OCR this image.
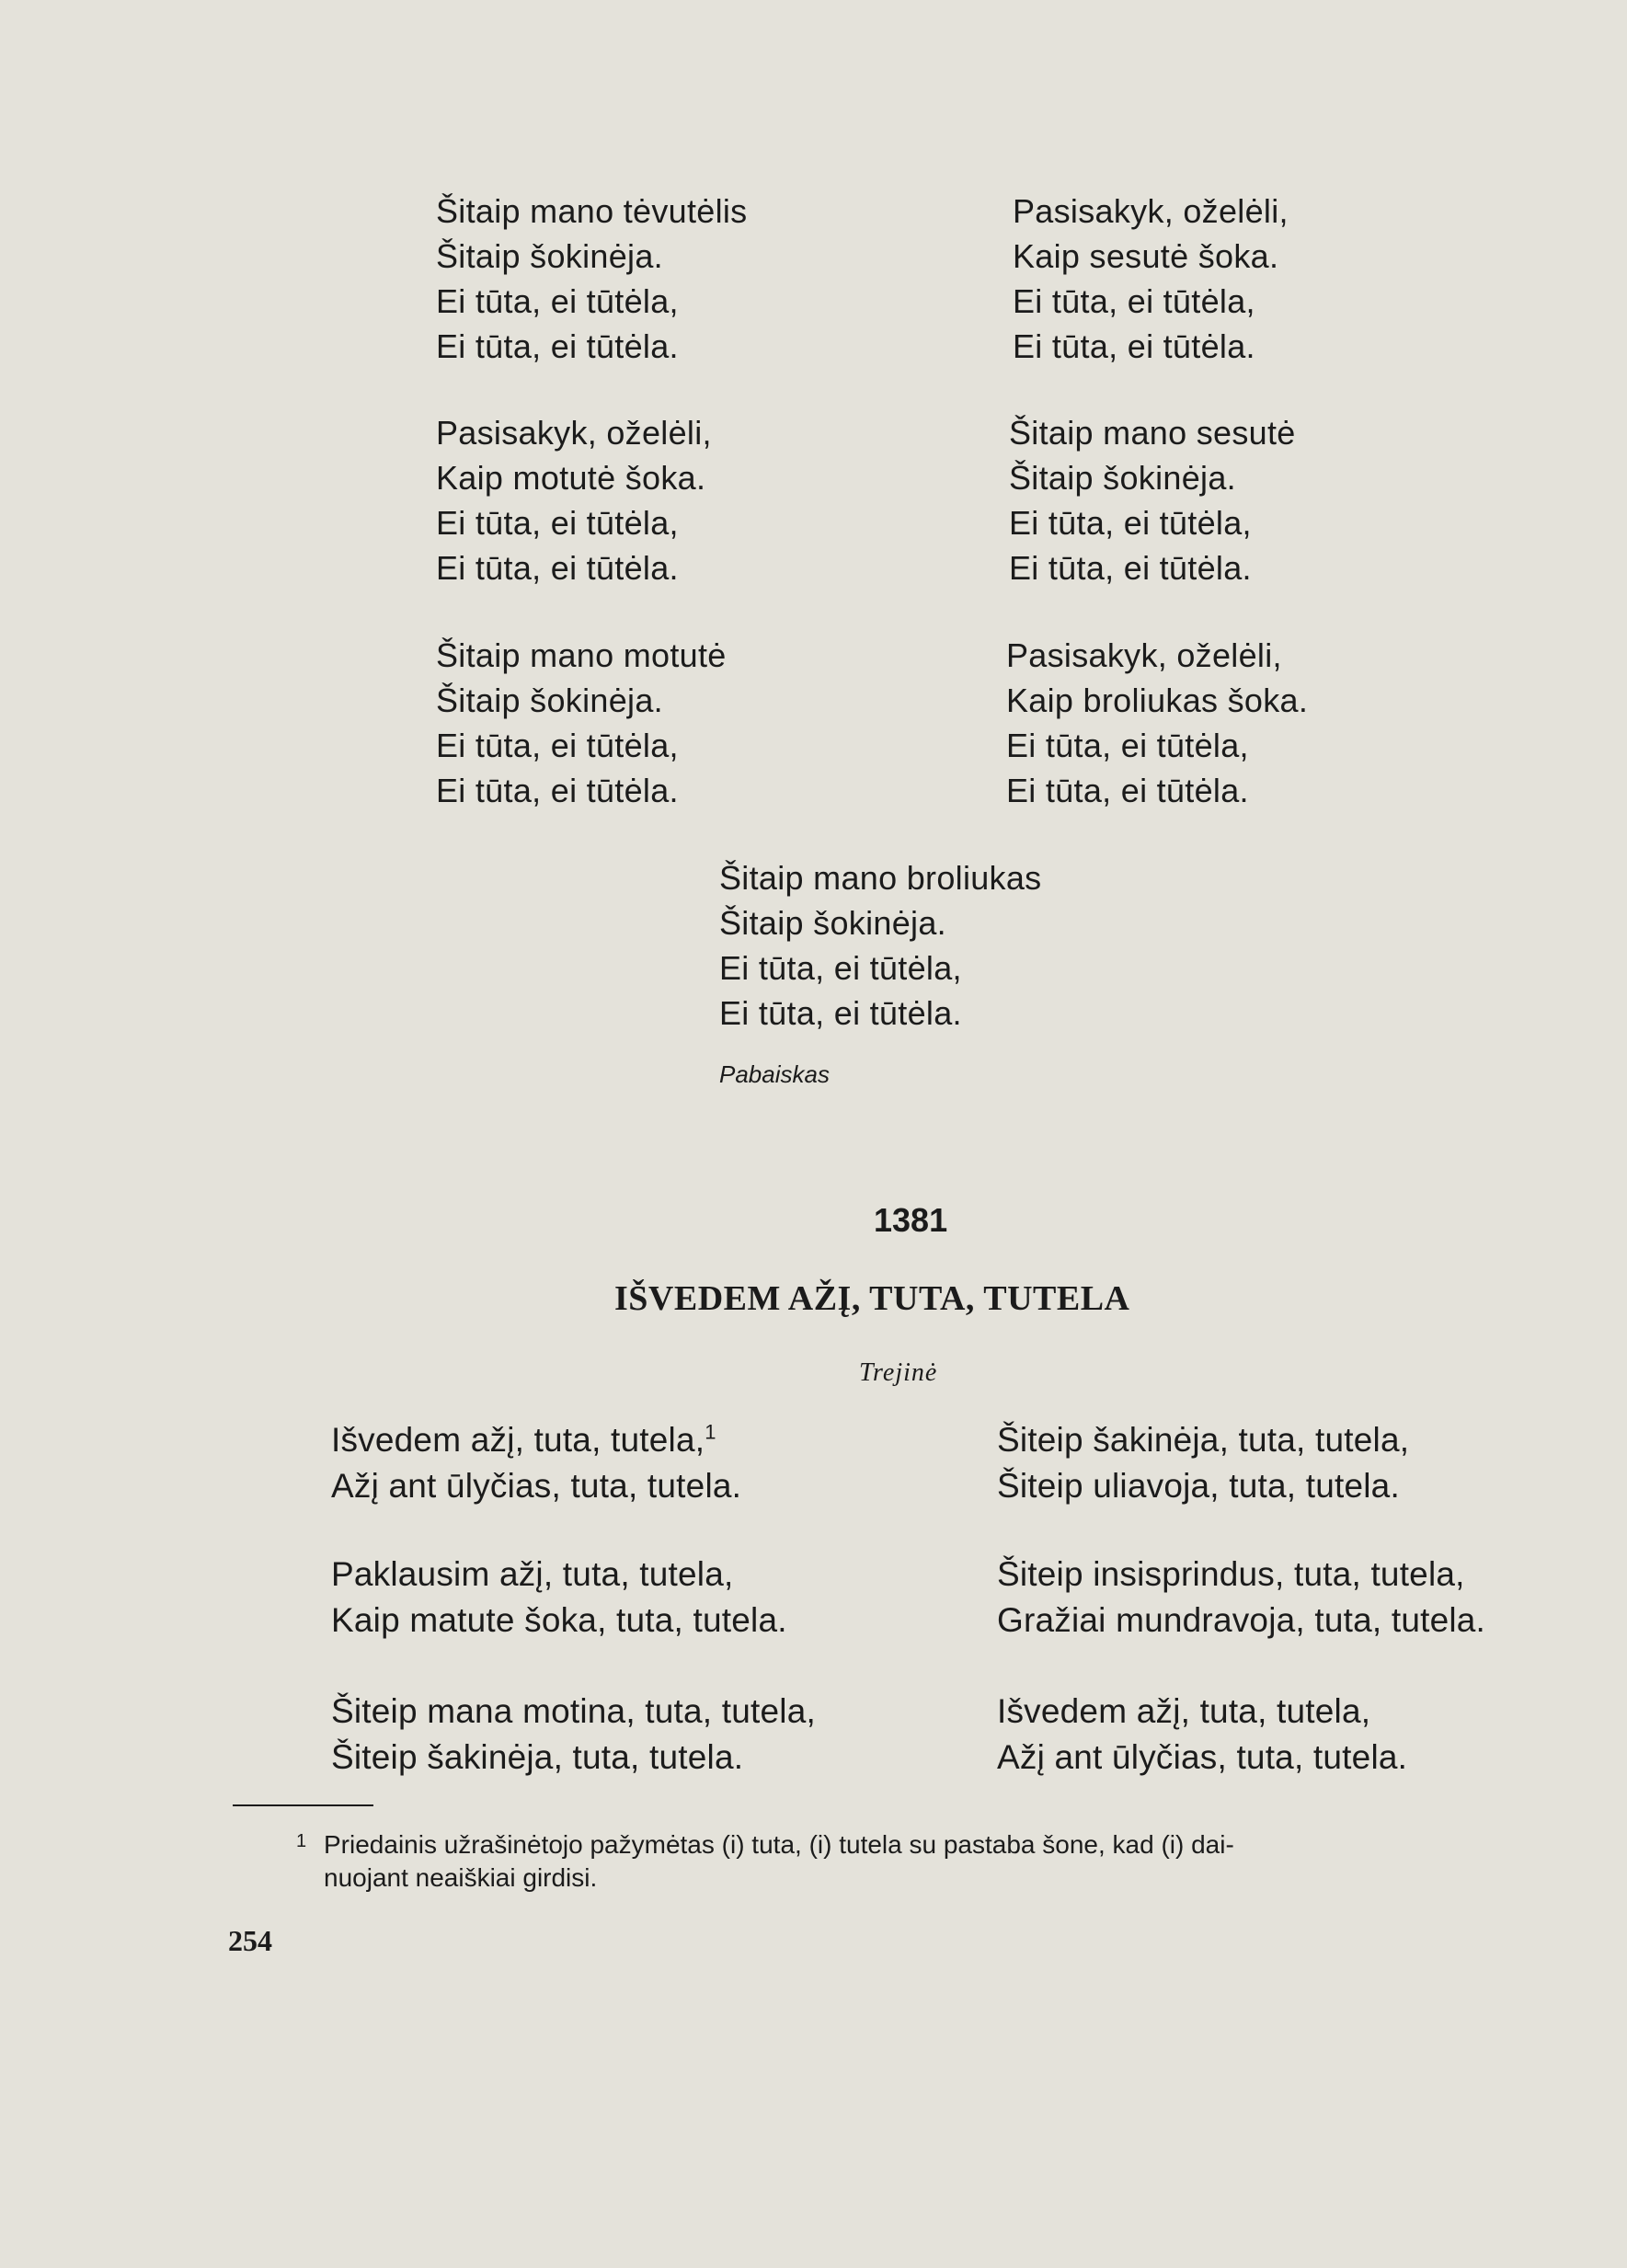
Šitaip mano tėvutėlis
Šitaip šokinėja.
Ei tūta, ei tūtėla,
Ei tūta, ei tūtėla.
Pasisakyk, oželėli,
Kaip motutė šoka.
Ei tūta, ei tūtėla,
Ei tūta, ei tūtėla.
Šitaip mano motutė
Šitaip šokinėja.
Ei tūta, ei tūtėla,
Ei tūta, ei tūtėla.
Pasisakyk, oželėli,
Kaip sesutė šoka.
Ei tūta, ei tūtėla,
Ei tūta, ei tūtėla.
Šitaip mano sesutė
Šitaip šokinėja.
Ei tūta, ei tūtėla,
Ei tūta, ei tūtėla.
Pasisakyk, oželėli,
Kaip broliukas šoka.
Ei tūta, ei tūtėla,
Ei tūta, ei tūtėla.
Šitaip mano broliukas
Šitaip šokinėja.
Ei tūta, ei tūtėla,
Ei tūta, ei tūtėla.
Pabaiskas
1381
IŠVEDEM AŽĮ, TUTA, TUTELA
Trejinė
Išvedem ažį, tuta, tutela,$^1$
Ažį ant ūlyčias, tuta, tutela.
Paklausim ažį, tuta, tutela,
Kaip matute šoka, tuta, tutela.
Šiteip mana motina, tuta, tutela,
Šiteip šakinėja, tuta, tutela.
Šiteip šakinėja, tuta, tutela,
Šiteip uliavoja, tuta, tutela.
Šiteip insisprindus, tuta, tutela,
Gražiai mundravoja, tuta, tutela.
Išvedem ažį, tuta, tutela,
Ažį ant ūlyčias, tuta, tutela.
1 Priedainis užrašinėtojo pažymėtas (i) tuta, (i) tutela su pastaba šone, kad (i) dai-
nuojant neaiškiai girdisi.
254
